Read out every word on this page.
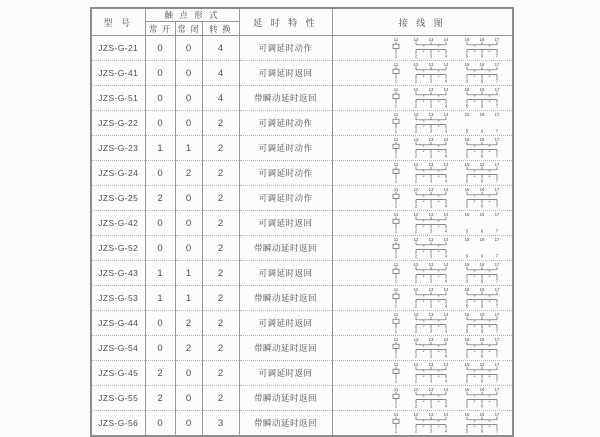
型 号	触 点 形 式			延 时 特 性	接 线 图
	常 开	常 闭	转 换		
JZS-G-21	0	0	4	可调延时动作	
11	12 13 14	15 16 17
1	2	3	4	5	6	7
×	×
×	×
×	×
×	×

JZS-G-41	0	0	4	可调延时返回	
11	12 13 14	15 16 17
1	2	3	4	5	6	7
×	×
×	×
×	×
×	×

JZS-G-51	0	0	4	带瞬动延时返回	
11	12 13 14	15 16 17
1	2	3	4	5	6	7
×	×
×	×
×	×
×	×

JZS-G-22	0	0	2	可调延时动作	
11	12 13 14	15 16 17
1	2	3	4	5	6	7
×	×
×	×

JZS-G-23	1	1	2	可调延时动作	
11	12 13 14	15 16 17
1	2	3	4	5	6	7
×	×
×	×
×	×
×	×

JZS-G-24	0	2	2	可调延时动作	
11	12 13 14	15 16 17
1	2	3	4	5	6	7
×	×
×	×
×	×
×	×

JZS-G-25	2	0	2	可调延时动作	
11	12 13 14	15 16 17
1	2	3	4	5	6	7
×	×
×	×
×	×
×	×

JZS-G-42	0	0	2	可调延时返回	
11	12 13 14	15 16 17
1	2	3	4	5	6	7
×	×
×	×

JZS-G-52	0	0	2	带瞬动延时返回	
11	12 13 14	15 16 17
1	2	3	4	5	6	7
×	×
×	×

JZS-G-43	1	1	2	可调延时返回	
11	12 13 14	15 16 17
1	2	3	4	5	6	7
×	×
×	×
×	×
×	×

JZS-G-53	1	1	2	带瞬动延时返回	
11	12 13 14	15 16 17
1	2	3	4	5	6	7
×	×
×	×
×	×
×	×

JZS-G-44	0	2	2	可调延时返回	
11	12 13 14	15 16 17
1	2	3	4	5	6	7
×	×
×	×
×	×
×	×

JZS-G-54	0	2	2	带瞬动延时返回	
11	12 13 14	15 16 17
1	2	3	4	5	6	7
×	×
×	×
×	×
×	×

JZS-G-45	2	0	2	可调延时返回	
11	12 13 14	15 16 17
1	2	3	4	5	6	7
×	×
×	×
×	×
×	×

JZS-G-55	2	0	2	带瞬动延时返回	
11	12 13 14	15 16 17
1	2	3	4	5	6	7
×	×
×	×
×	×
×	×

JZS-G-56	0	0	3	带瞬动延时返回	
11	12 13 14	15 16 17
1	2	3	4	5	6	7
×	×
×	×
×	×
×	×
